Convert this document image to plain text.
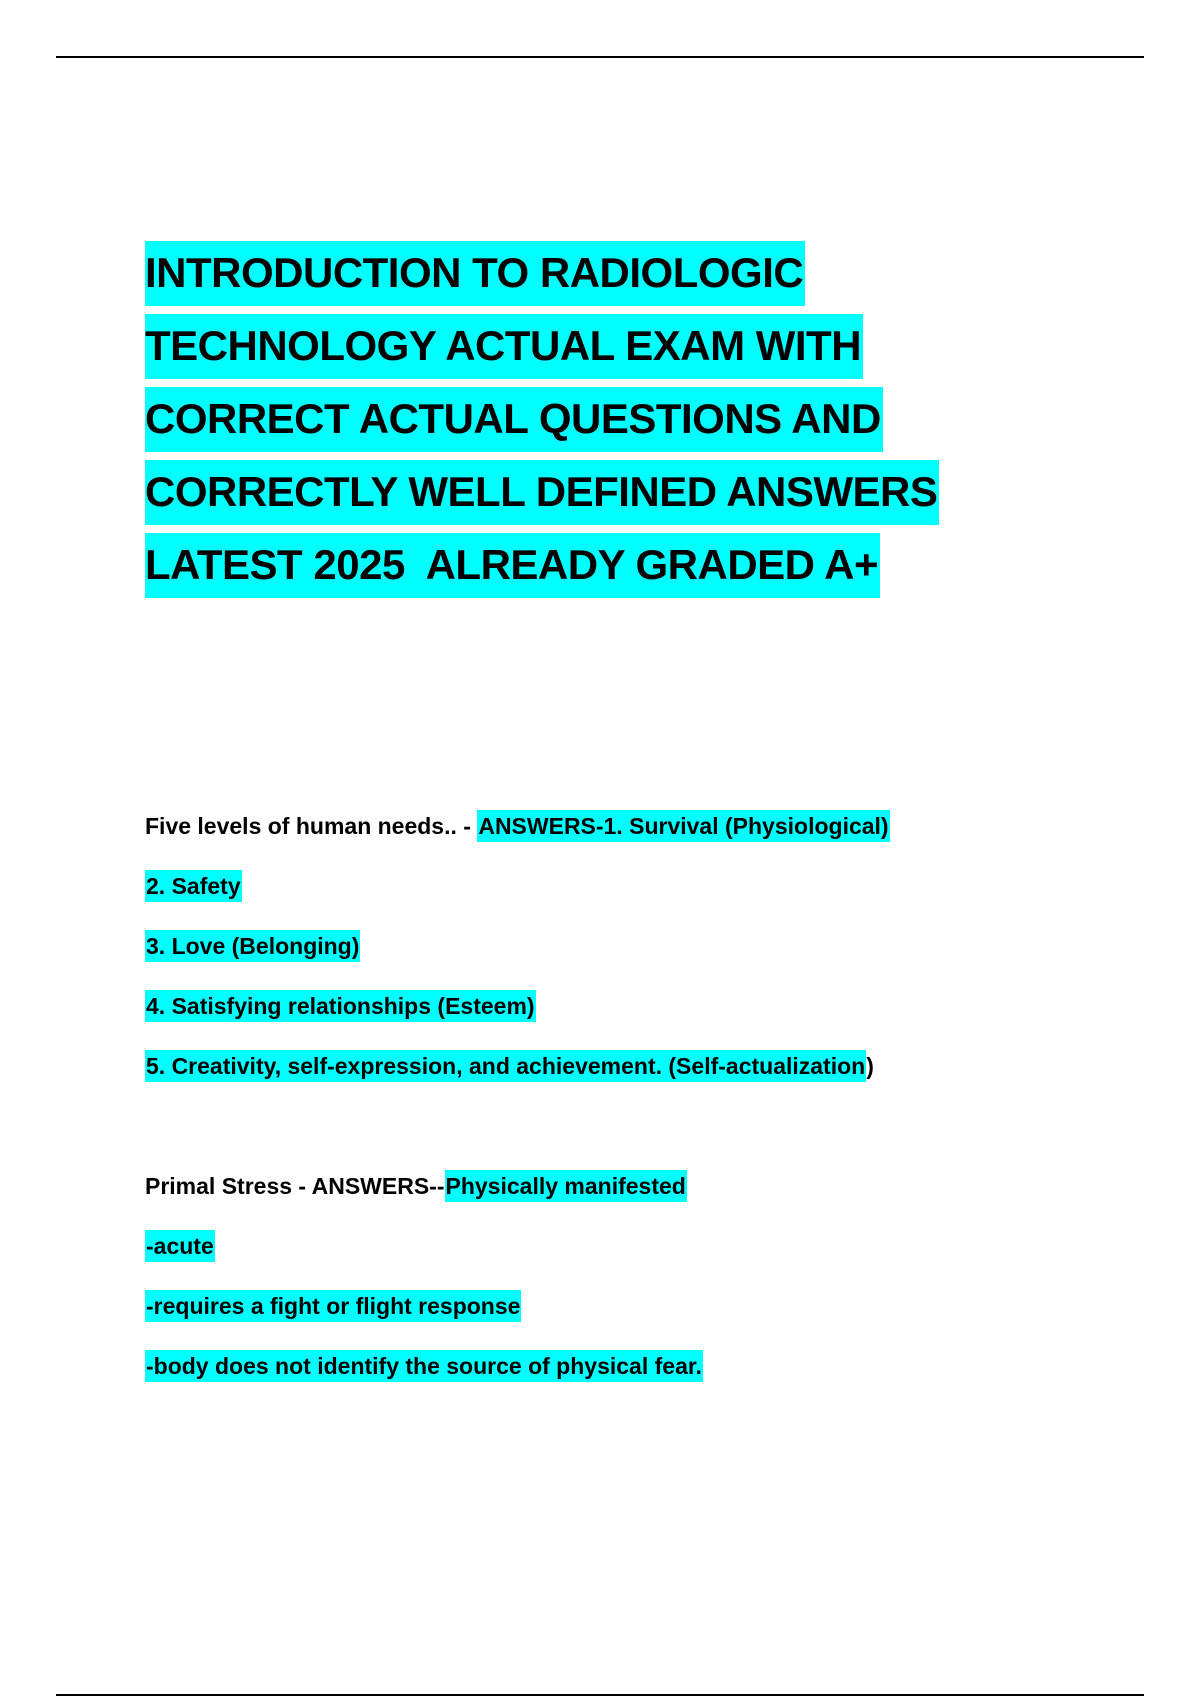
INTRODUCTION TO RADIOLOGIC
TECHNOLOGY ACTUAL EXAM WITH
CORRECT ACTUAL QUESTIONS AND
CORRECTLY WELL DEFINED ANSWERS
LATEST 2025  ALREADY GRADED A+
Five levels of human needs.. - ANSWERS-1. Survival (Physiological)
2. Safety
3. Love (Belonging)
4. Satisfying relationships (Esteem)
5. Creativity, self-expression, and achievement. (Self-actualization)
Primal Stress - ANSWERS--Physically manifested
-acute
-requires a fight or flight response
-body does not identify the source of physical fear.
